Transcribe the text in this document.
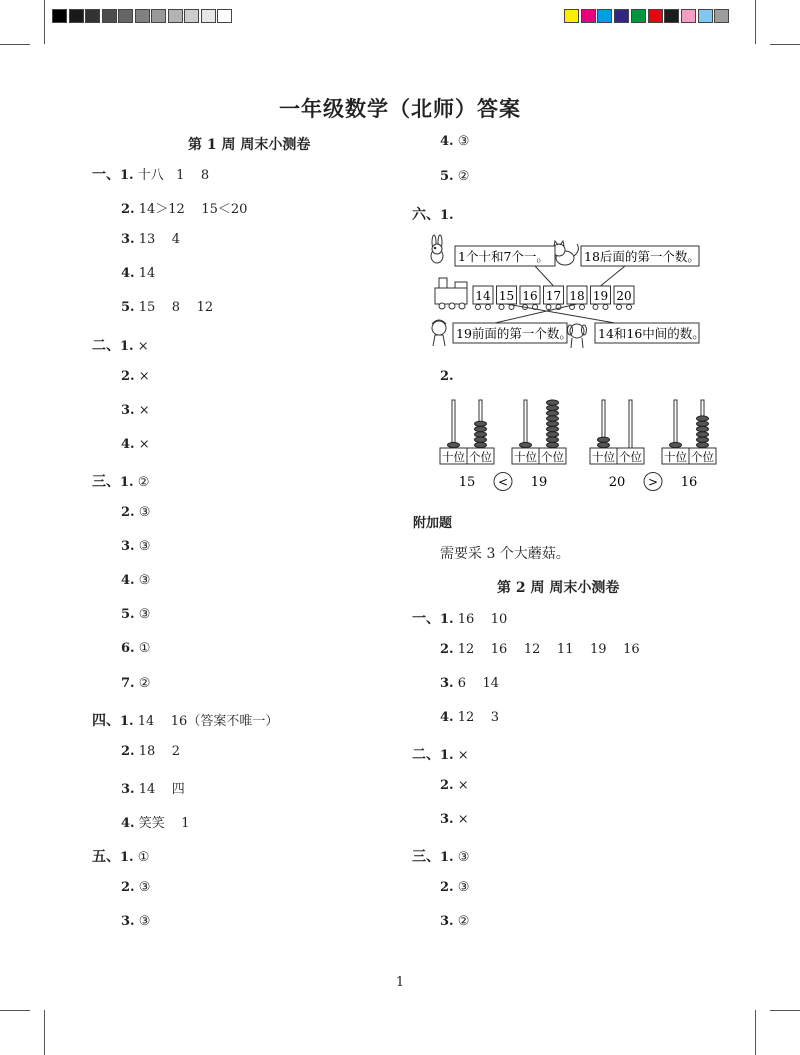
一年级数学（北师）答案
第 1 周 周末小测卷
一、1. 十八   1    8
2. 14＞12    15＜20
3. 13    4
4. 14
5. 15    8    12
二、1. ×
2. ×
3. ×
4. ×
三、1. ②
2. ③
3. ③
4. ③
5. ③
6. ①
7. ②
四、1. 14    16（答案不唯一）
2. 18    2
3. 14    四
4. 笑笑    1
五、1. ①
2. ③
3. ③
4. ③
5. ②
六、1.
1个十和7个一。	18后面的第一个数。
19前面的第一个数。 14和16中间的数。
14 15 16 17 18 19 20
2.
十位 个位 十位 个位 十位 个位 十位 个位
15 < 19	20 > 16
附加题
需要采 3 个大蘑菇。
第 2 周 周末小测卷
一、1. 16    10
2. 12    16    12    11    19    16
3. 6    14
4. 12    3
二、1. ×
2. ×
3. ×
三、1. ③
2. ③
3. ②
1
